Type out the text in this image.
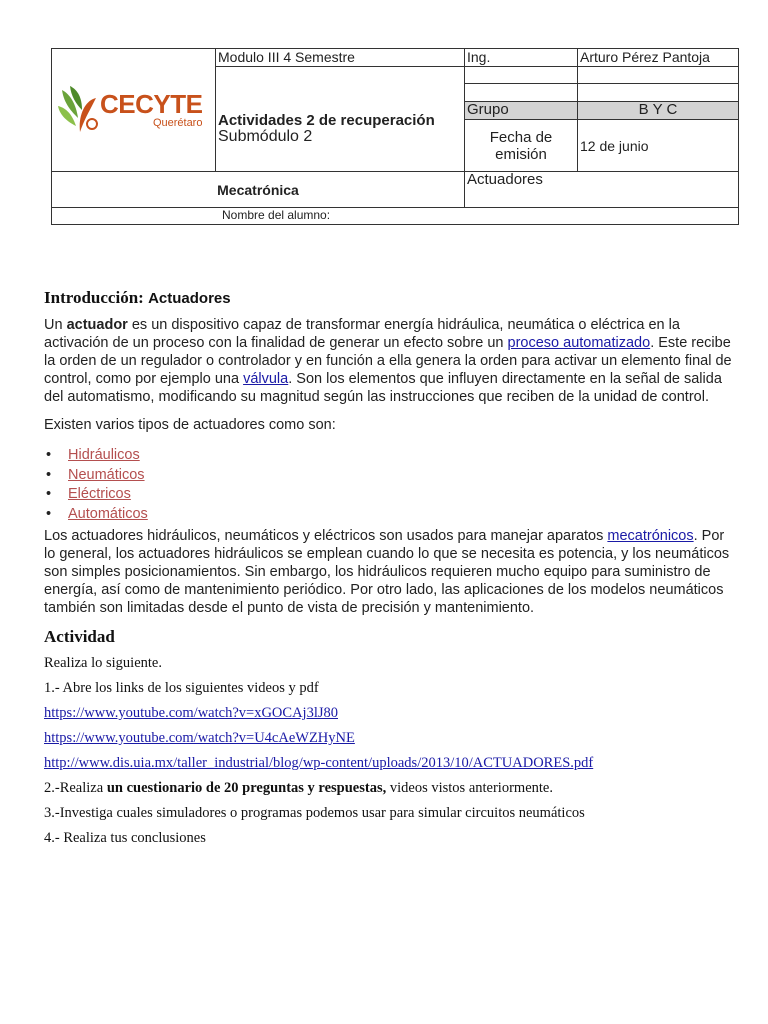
CECYTE
Querétaro	Modulo III 4 Semestre	Ing.	Arturo Pérez Pantoja

	Actividades 2 de recuperación
Submódulo 2		

		Grupo	B Y C
		Fecha de emisión	12 de junio
Mecatrónica		Actuadores	
Nombre del alumno:			
Introducción: Actuadores

Un actuador es un dispositivo capaz de transformar energía hidráulica, neumática o eléctrica en la activación de un proceso con la finalidad de generar un efecto sobre un proceso automatizado. Este recibe la orden de un regulador o controlador y en función a ella genera la orden para activar un elemento final de control, como por ejemplo una válvula. Son los elementos que influyen directamente en la señal de salida del automatismo, modificando su magnitud según las instrucciones que reciben de la unidad de control.

Existen varios tipos de actuadores como son:

• Hidráulicos
• Neumáticos
• Eléctricos
• Automáticos

Los actuadores hidráulicos, neumáticos y eléctricos son usados para manejar aparatos mecatrónicos. Por lo general, los actuadores hidráulicos se emplean cuando lo que se necesita es potencia, y los neumáticos son simples posicionamientos. Sin embargo, los hidráulicos requieren mucho equipo para suministro de energía, así como de mantenimiento periódico. Por otro lado, las aplicaciones de los modelos neumáticos también son limitadas desde el punto de vista de precisión y mantenimiento.

Actividad

Realiza lo siguiente.

1.- Abre los links de los siguientes videos y pdf

https://www.youtube.com/watch?v=xGOCAj3lJ80

https://www.youtube.com/watch?v=U4cAeWZHyNE

http://www.dis.uia.mx/taller_industrial/blog/wp-content/uploads/2013/10/ACTUADORES.pdf

2.-Realiza un cuestionario de 20 preguntas y respuestas, videos vistos anteriormente.

3.-Investiga cuales simuladores o programas podemos usar para simular circuitos neumáticos

4.- Realiza tus conclusiones
